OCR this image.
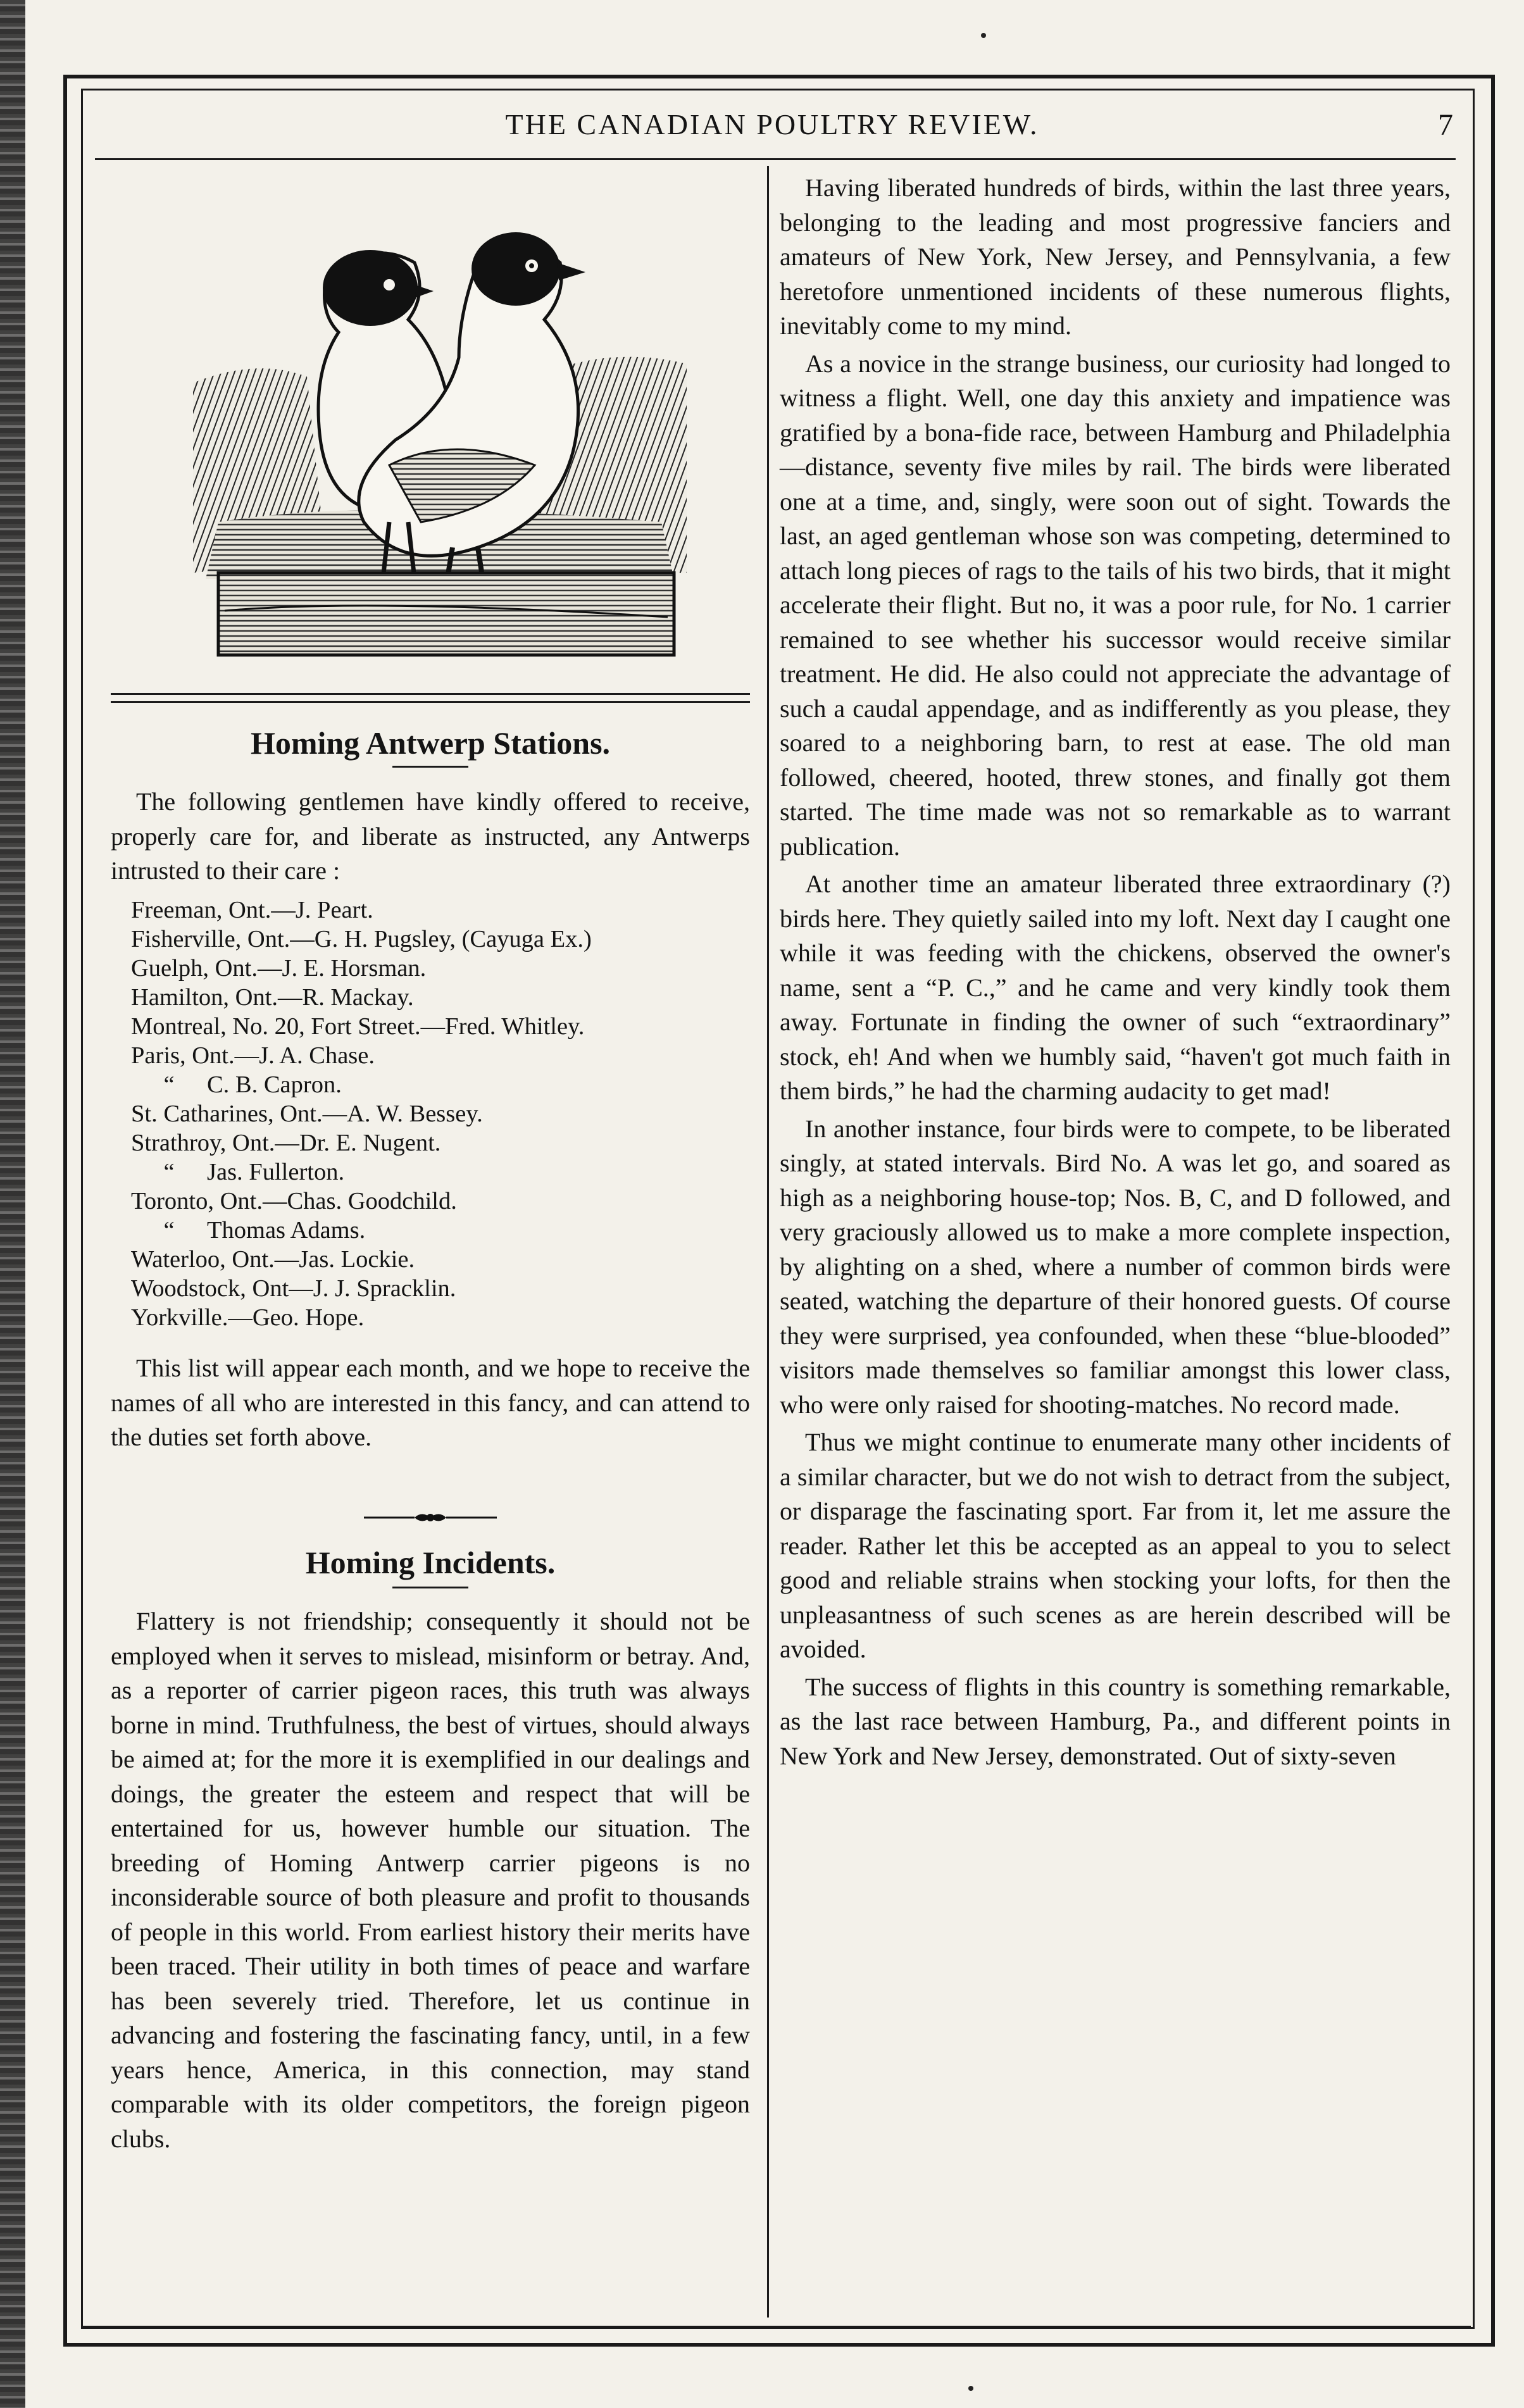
THE CANADIAN POULTRY REVIEW.	7
Homing Antwerp Stations.

The following gentlemen have kindly offered to receive, properly care for, and liberate as instructed, any Antwerps intrusted to their care :

Freeman, Ont.—J. Peart.
Fisherville, Ont.—G. H. Pugsley, (Cayuga Ex.)
Guelph, Ont.—J. E. Horsman.
Hamilton, Ont.—R. Mackay.
Montreal, No. 20, Fort Street.—Fred. Whitley.
Paris, Ont.—J. A. Chase.
“ C. B. Capron.
St. Catharines, Ont.—A. W. Bessey.
Strathroy, Ont.—Dr. E. Nugent.
“ Jas. Fullerton.
Toronto, Ont.—Chas. Goodchild.
“ Thomas Adams.
Waterloo, Ont.—Jas. Lockie.
Woodstock, Ont—J. J. Spracklin.
Yorkville.—Geo. Hope.

This list will appear each month, and we hope to receive the names of all who are interested in this fancy, and can attend to the duties set forth above.

Homing Incidents.

Flattery is not friendship; consequently it should not be employed when it serves to mislead, misinform or betray. And, as a reporter of carrier pigeon races, this truth was always borne in mind. Truthfulness, the best of virtues, should always be aimed at; for the more it is exemplified in our dealings and doings, the greater the esteem and respect that will be entertained for us, however humble our situation. The breeding of Homing Antwerp carrier pigeons is no inconsiderable source of both pleasure and profit to thousands of people in this world. From earliest history their merits have been traced. Their utility in both times of peace and warfare has been severely tried. Therefore, let us continue in advancing and fostering the fascinating fancy, until, in a few years hence, America, in this connection, may stand comparable with its older competitors, the foreign pigeon clubs.

Having liberated hundreds of birds, within the last three years, belonging to the leading and most progressive fanciers and amateurs of New York, New Jersey, and Pennsylvania, a few heretofore unmentioned incidents of these numerous flights, inevitably come to my mind.

As a novice in the strange business, our curiosity had longed to witness a flight. Well, one day this anxiety and impatience was gratified by a bona-fide race, between Hamburg and Philadelphia—distance, seventy five miles by rail. The birds were liberated one at a time, and, singly, were soon out of sight. Towards the last, an aged gentleman whose son was competing, determined to attach long pieces of rags to the tails of his two birds, that it might accelerate their flight. But no, it was a poor rule, for No. 1 carrier remained to see whether his successor would receive similar treatment. He did. He also could not appreciate the advantage of such a caudal appendage, and as indifferently as you please, they soared to a neighboring barn, to rest at ease. The old man followed, cheered, hooted, threw stones, and finally got them started. The time made was not so remarkable as to warrant publication.

At another time an amateur liberated three extraordinary (?) birds here. They quietly sailed into my loft. Next day I caught one while it was feeding with the chickens, observed the owner's name, sent a “P. C.,” and he came and very kindly took them away. Fortunate in finding the owner of such “extraordinary” stock, eh! And when we humbly said, “haven't got much faith in them birds,” he had the charming audacity to get mad!

In another instance, four birds were to compete, to be liberated singly, at stated intervals. Bird No. A was let go, and soared as high as a neighboring house-top; Nos. B, C, and D followed, and very graciously allowed us to make a more complete inspection, by alighting on a shed, where a number of common birds were seated, watching the departure of their honored guests. Of course they were surprised, yea confounded, when these “blue-blooded” visitors made themselves so familiar amongst this lower class, who were only raised for shooting-matches. No record made.

Thus we might continue to enumerate many other incidents of a similar character, but we do not wish to detract from the subject, or disparage the fascinating sport. Far from it, let me assure the reader. Rather let this be accepted as an appeal to you to select good and reliable strains when stocking your lofts, for then the unpleasantness of such scenes as are herein described will be avoided.

The success of flights in this country is something remarkable, as the last race between Hamburg, Pa., and different points in New York and New Jersey, demonstrated. Out of sixty-seven
